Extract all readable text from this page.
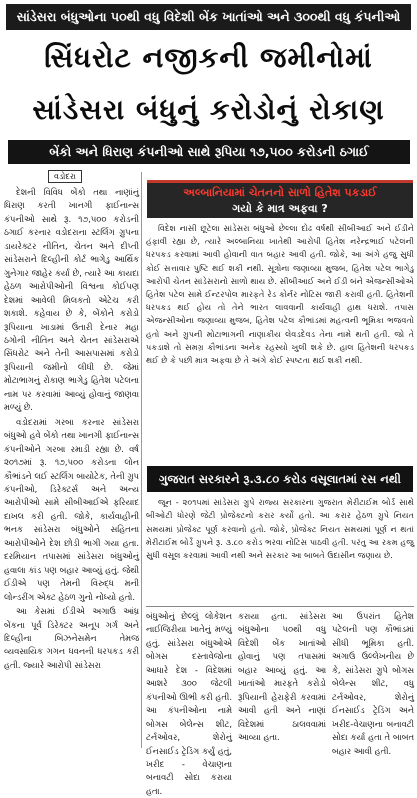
સાંડેસરા બંધુઓના ૫૦થી વધુ વિદેશી બેંક ખાતાંઓ અને ૩૦૦થી વધુ કંપનીઓ
સિંધરોટ નજીકની જમીનોમાં
સાંડેસરા બંધુનું કરોડોનું રોકાણ
બેંકો અને ધિરાણ કંપનીઓ સાથે રૂપિયા ૧૭,૫૦૦ કરોડની ઠગાઈ
વડોદરા

દેશની વિવિધ બેંકો તથા નાણાંનું ધિરાણ કરતી ખાનગી ફાઈનાન્સ કંપનીઓ સાથે રૂ. ૧૭,૫૦૦ કરોડની ઠગાઈ કરનાર વડોદરાના સ્ટર્લિંગ ગ્રુપના ડાયરેક્ટર નીતિન, ચેતન અને દીપ્તી સાંડેસરાને દિલ્હીની કોર્ટ ભાગેડુ આર્થિક ગુનેગાર જાહેર કર્યા છે, ત્યારે આ કાયદા હેઠળ આરોપીઓની વિશ્વના કોઈપણ દેશમાં આવેલી મિલકતો એટેચ કરી શકાશે. કહેવાય છે કે, બેંકોને કરોડો રૂપિયાના ખાડામાં ઉતારી દેનાર મહા ઠગોની નીતિન અને ચેતન સાંડેસરાએ સિંધરોટ અને તેની આસપાસમાં કરોડો રૂપિયાની જમીનો લીધી છે. જેમાં મોટાભાગનું રોકાણ ભાગેડુ હિતેશ પટેલના નામ પર કરવામાં આવ્યું હોવાનું જાણવા મળ્યું છે.

વડોદરામાં ગરબા કરનાર સાંડેસરા બંધુઓ હવે બેંકો તથા ખાનગી ફાઈનાન્સ કંપનીઓને ગરબા રમાડી રહ્યા છે. વર્ષ ૨૦૧૭માં રૂ. ૧૭,૫૦૦ કરોડના લોન કૌભાંડને લઈ સ્ટર્લિંગ બાયોટેક, તેની ગ્રુપ કંપનીઓ, ડિરેક્ટર્સ અને અન્ય આરોપીઓ સામે સીબીઆઈએ ફરિયાદ દાખલ કરી હતી. જોકે, કાર્યવાહીની ભનક સાંડેસરા બંધુઓને સહિતના આરોપીઓને દેશ છોડી ભાગી ગયા હતા. દરમિયાન તપાસમાં સાંડેસરા બંધુઓનું હવાલા કાંડ પણ બહાર આવ્યું હતું. જેથી ઈડીએ પણ તેમની વિરુદ્ધ મની લોન્ડરીંગ એક્ટ હેઠળ ગુનો નોંધ્યો હતો.

આ કેસમાં ઈડીએ અગાઉ આંધ્ર બેંકના પૂર્વ ડિરેક્ટર અનૂપ ગર્ગ અને દિલ્હીના બિઝનેસમેન તેમજ વ્યવસાયિક ગગન ધવનની ધરપકડ કરી હતી. જ્યારે આરોપી સાંડેસરા

અલ્બાનિયામાં ચેતનનો સાળો હિતેશ પકડાઈ
ગયો કે માત્ર અફવા ?

વિદેશ નાસી છૂટેલા સાંડેસરા બંધુઓ છેલ્લા દોઢ વર્ષથી સીબીઆઈ અને ઈડીને હંફાવી રહ્યા છે, ત્યારે અલ્બાનિયા ખાતેથી આરોપી હિતેશ નરેન્દ્રભાઈ પટેલની ધરપકડ કરવામાં આવી હોવાની વાત બહાર આવી હતી. જોકે, આ અંગે હજુ સુધી કોઈ સત્તાવાર પુષ્ટિ થઈ શકી નથી. સૂત્રોના જણાવ્યા મુજબ, હિતેશ પટેલ ભાગેડુ આરોપી ચેતન સાંડેસરાનો સાળો થાય છે. સીબીઆઈ અને ઈડી બંને એજન્સીઓએ હિતેશ પટેલ સામે ઈન્ટરપોલ મારફતે રેડ કોર્નર નોટિસ જારી કરાવી હતી. હિતેશની ધરપકડ થઈ હોય તો તેને ભારત લાવવાની કાર્યવાહી હાથ ધરાશે. તપાસ એજન્સીઓના જણાવ્યા મુજબ, હિતેશ પટેલ કૌભાંડમાં મહત્વની ભૂમિકા ભજવતો હતો અને ગ્રુપની મોટાભાગની નાણાકીય લેવડદેવડ તેના નામે થતી હતી. જો તે પકડાશે તો સમગ્ર કૌભાંડના અનેક રહસ્યો ખુલી શકે છે. હાલ હિતેશની ધરપકડ થઈ છે કે પછી માત્ર અફવા છે તે અંગે કોઈ સ્પષ્ટતા થઈ શકી નથી.

ગુજરાત સરકારને રૂ.૩.૮૦ કરોડ વસૂલાતમાં રસ નથી

જૂન - ૨૦૧૫માં સાંડેસરા ગ્રુપે રાજ્ય સરકારના ગુજરાત મેરીટાઈમ બોર્ડ સાથે બીઓટી ધોરણે જેટી પ્રોજેક્ટનો કરાર કર્યો હતો. આ કરાર હેઠળ ગ્રુપે નિયત સમયમાં પ્રોજેક્ટ પૂર્ણ કરવાનો હતો. જોકે, પ્રોજેક્ટ નિયત સમયમાં પૂર્ણ ન થતાં મેરીટાઈમ બોર્ડે ગ્રુપને રૂ. ૩.૮૦ કરોડ ભરવા નોટિસ પાઠવી હતી. પરંતુ આ રકમ હજુ સુધી વસૂલ કરવામાં આવી નથી અને સરકાર આ બાબતે ઉદાસીન જણાય છે.

બંધુઓનું છેલ્લું લોકેશન નાઈજિરીયા ખાતેનું મળ્યું હતું. સાંડેસરા બંધુઓએ બોગસ દસ્તાવેજોના આધારે દેશ - વિદેશમાં આશરે ૩૦૦ જેટલી કંપનીઓ ઊભી કરી હતી. આ કંપનીઓના નામે બોગસ બેલેન્સ શીટ, ટર્નઓવર, શેરોનું ઈનસાઈડ ટ્રેડિંગ કર્યું હતું, ખરીદ - વેચાણના બનાવટી સોદા કરાયા હતા.

કરાયા હતા. સાંડેસરા બંધુઓના ૫૦થી વધુ વિદેશી બેંક ખાતાંઓ હોવાનું પણ તપાસમાં બહાર આવ્યું હતું. આ ખાતાંઓ મારફતે કરોડો રૂપિયાની હેરાફેરી કરવામાં આવી હતી અને નાણાં વિદેશમાં ઠાલવવામાં આવ્યા હતા.

આ ઉપરાંત હિતેશ પટેલની પણ કૌભાંડમાં સીધી ભૂમિકા હતી. અગાઉ ઉલ્લેખનીય છે કે, સાંડેસરા ગ્રુપે બોગસ બેલેન્સ શીટ, વધુ ટર્નઓવર, શેરોનું ઈનસાઈડ ટ્રેડિંગ અને ખરીદ-વેચાણના બનાવટી સોદા કર્યા હતા તે બાબત બહાર આવી હતી.
